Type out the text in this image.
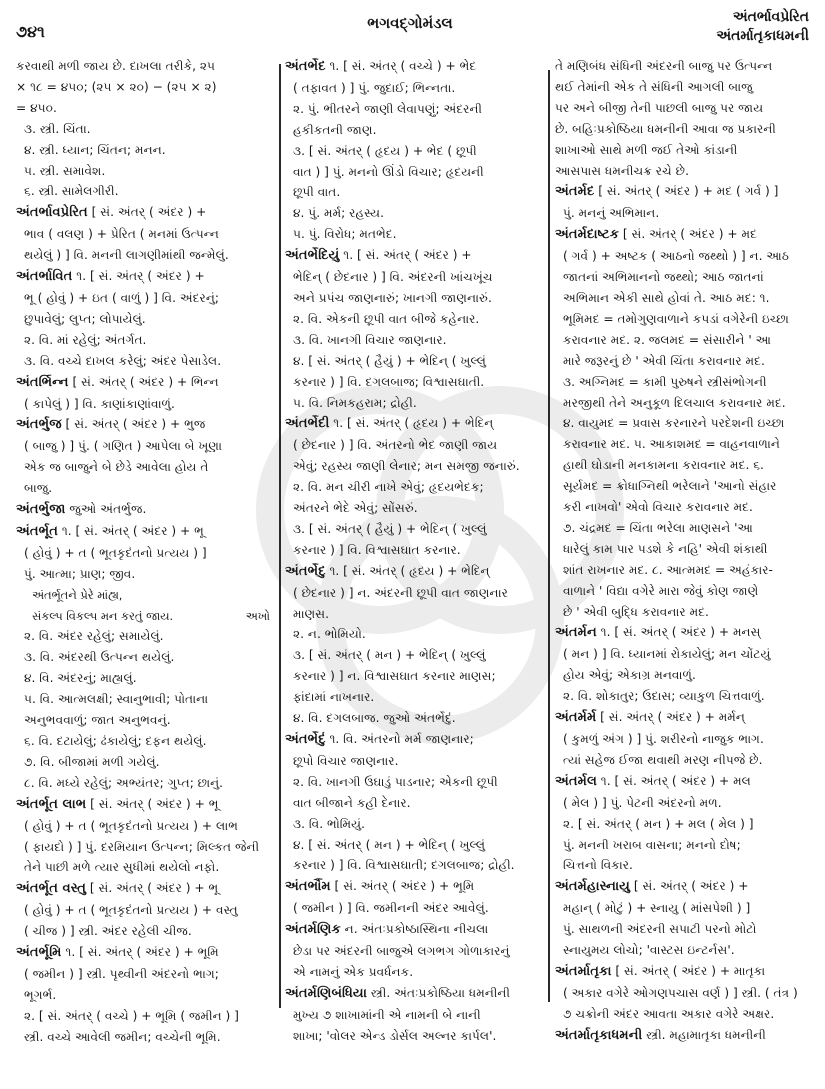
૭૪૧	ભગવદ્ગોમંડલ	અંતર્ભાવપ્રેરિત
અંતર્માતૃકાધમની
કરવાથી મળી જાય છે. દાખલા તરીકે, ૨૫
× ૧૮ = ૪૫૦; (૨૫ × ૨૦) − (૨૫ × ૨)
= ૪૫૦.
૩. સ્ત્રી. ચિંતા.
૪. સ્ત્રી. ધ્યાન; ચિંતન; મનન.
૫. સ્ત્રી. સમાવેશ.
૬. સ્ત્રી. સામેલગીરી.
અંતર્ભાવપ્રેરિત [ સં. અંતર્ ( અંદર ) +
ભાવ ( વલણ ) + પ્રેરિત ( મનમાં ઉત્પન્ન
થયેલું ) ] વિ. મનની લાગણીમાંથી જન્મેલું.
અંતર્ભાવિત ૧. [ સં. અંતર્ ( અંદર ) +
ભૂ ( હોવું ) + ઇત ( વાળું ) ] વિ. અંદરનું;
છુપાવેલું; લુપ્ત; લોપાયેલું.
૨. વિ. માં રહેલું; અંતર્ગત.
૩. વિ. વચ્ચે દાખલ કરેલું; અંદર પેસાડેલ.
અંતર્ભિન્ન [ સં. અંતર્ ( અંદર ) + ભિન્ન
( કાપેલું ) ] વિ. કાણાંકાણાંવાળું.
અંતર્ભુજ [ સં. અંતર્ ( અંદર ) + ભુજ
( બાજુ ) ] પું. ( ગણિત ) આપેલા બે ખૂણા
એક જ બાજુને બે છેડે આવેલા હોય તે
બાજુ.
અંતર્ભુજા જુઓ અંતર્ભુજ.
અંતર્ભૂત ૧. [ સં. અંતર્ ( અંદર ) + ભૂ
( હોવું ) + ત ( ભૂતકૃદંતનો પ્રત્યય ) ]
પું. આત્મા; પ્રાણ; જીવ.
અંતર્ભૂતને પ્રેરે માંહ્ય,
સંકલ્પ વિકલ્પ મન કરતું જાય.	અખો
૨. વિ. અંદર રહેલું; સમાયેલું.
૩. વિ. અંદરથી ઉત્પન્ન થયેલું.
૪. વિ. અંદરનું; માહ્યલું.
૫. વિ. આત્મલક્ષી; સ્વાનુભાવી; પોતાના
અનુભવવાળું; જાત અનુભવનું.
૬. વિ. દટાયેલું; ઢંકાયેલું; દફન થયેલું.
૭. વિ. બીજામાં મળી ગયેલું.
૮. વિ. મધ્યે રહેલું; અભ્યંતર; ગુપ્ત; છાનું.
અંતર્ભૂત લાભ [ સં. અંતર્ ( અંદર ) + ભૂ
( હોવું ) + ત ( ભૂતકૃદંતનો પ્રત્યય ) + લાભ
( ફાયદો ) ] પું. દરમિયાન ઉત્પન્ન; મિલ્કત જેની
તેને પાછી મળે ત્યાર સુધીમાં થયેલો નફો.
અંતર્ભૂત વસ્તુ [ સં. અંતર્ ( અંદર ) + ભૂ
( હોવું ) + ત ( ભૂતકૃદંતનો પ્રત્યય ) + વસ્તુ
( ચીજ ) ] સ્ત્રી. અંદર રહેલી ચીજ.
અંતર્ભૂમિ ૧. [ સં. અંતર્ ( અંદર ) + ભૂમિ
( જમીન ) ] સ્ત્રી. પૃથ્વીની અંદરનો ભાગ;
ભૂગર્ભ.
૨. [ સં. અંતર્ ( વચ્ચે ) + ભૂમિ ( જમીન ) ]
સ્ત્રી. વચ્ચે આવેલી જમીન; વચ્ચેની ભૂમિ.
અંતર્ભેદ ૧. [ સં. અંતર્ ( વચ્ચે ) + ભેદ
( તફાવત ) ] પું. જુદાઈ; ભિન્નતા.
૨. પું. ભીતરને જાણી લેવાપણું; અંદરની
હકીકતની જાણ.
૩. [ સં. અંતર્ ( હૃદય ) + ભેદ ( છૂપી
વાત ) ] પું. મનનો ઊંડો વિચાર; હૃદયની
છૂપી વાત.
૪. પું. મર્મ; રહસ્ય.
૫. પું. વિરોધ; મતભેદ.
અંતર્ભેદિયું ૧. [ સં. અંતર્ ( અંદર ) +
ભેદિન્ ( છેદનાર ) ] વિ. અંદરની ખાંચખૂંચ
અને પ્રપંચ જાણનારું; ખાનગી જાણનારું.
૨. વિ. એકની છૂપી વાત બીજે કહેનાર.
૩. વિ. ખાનગી વિચાર જાણનાર.
૪. [ સં. અંતર્ ( હૈયું ) + ભેદિન્ ( ખુલ્લું
કરનાર ) ] વિ. દગલબાજ; વિશ્વાસઘાતી.
૫. વિ. નિમકહરામ; દ્રોહી.
અંતર્ભેદી ૧. [ સં. અંતર્ ( હૃદય ) + ભેદિન્
( છેદનાર ) ] વિ. અંતરનો ભેદ જાણી જાય
એવું; રહસ્ય જાણી લેનાર; મન સમજી જનારું.
૨. વિ. મન ચીરી નાખે એવું; હૃદયભેદક;
અંતરને ભેદે એવું; સોંસરું.
૩. [ સં. અંતર્ ( હૈયું ) + ભેદિન્ ( ખુલ્લું
કરનાર ) ] વિ. વિશ્વાસઘાત કરનાર.
અંતર્ભેદુ ૧. [ સં. અંતર્ ( હૃદય ) + ભેદિન્
( છેદનાર ) ] ન. અંદરની છૂપી વાત જાણનાર
માણસ.
૨. ન. ભોમિયો.
૩. [ સં. અંતર્ ( મન ) + ભેદિન્ ( ખુલ્લું
કરનાર ) ] ન. વિશ્વાસઘાત કરનાર માણસ;
ફાંદામાં નાખનાર.
૪. વિ. દગલબાજ. જુઓ અંતર્ભેદું.
અંતર્ભેદું ૧. વિ. અંતરનો મર્મ જાણનાર;
છૂપો વિચાર જાણનાર.
૨. વિ. ખાનગી ઉઘાડું પાડનાર; એકની છૂપી
વાત બીજાને કહી દેનાર.
૩. વિ. ભોમિયું.
૪. [ સં. અંતર્ ( મન ) + ભેદિન્ ( ખુલ્લું
કરનાર ) ] વિ. વિશ્વાસઘાતી; દગલબાજ; દ્રોહી.
અંતર્ભૌમ [ સં. અંતર્ ( અંદર ) + ભૂમિ
( જમીન ) ] વિ. જમીનની અંદર આવેલું.
અંતર્મણિક ન. અંતઃપ્રકોષ્ઠાસ્થિના નીચલા
છેડા પર અંદરની બાજુએ લગભગ ગોળાકારનું
એ નામનું એક પ્રવર્ધનક.
અંતર્મણિબંધિયા સ્ત્રી. અંતઃપ્રકોષ્ઠિયા ધમનીની
મુખ્ય ૭ શાખામાંની એ નામની બે નાની
શાખા; 'વોલર એન્ડ ડોર્સલ અલ્નર કાર્પલ'.
તે મણિબંધ સંધિની અંદરની બાજુ પર ઉત્પન્ન
થઈ તેમાંની એક તે સંધિની આગલી બાજુ
પર અને બીજી તેની પાછલી બાજુ પર જાય
છે. બહિઃપ્રકોષ્ઠિયા ધમનીની આવા જ પ્રકારની
શાખાઓ સાથે મળી જઈ તેઓ કાંડાની
આસપાસ ધમનીચક્ર રચે છે.
અંતર્મદ [ સં. અંતર્ ( અંદર ) + મદ ( ગર્વ ) ]
પું. મનનું અભિમાન.
અંતર્મદાષ્ટક [ સં. અંતર્ ( અંદર ) + મદ
( ગર્વ ) + અષ્ટક ( આઠનો જથ્થો ) ] ન. આઠ
જાતનાં અભિમાનનો જથ્થો; આઠ જાતનાં
અભિમાન એકી સાથે હોવાં તે. આઠ મદ: ૧.
ભૂમિમદ = તમોગુણવાળાને કપડાં વગેરેની ઇચ્છા
કરાવનાર મદ. ૨. જલમદ = સંસારીને ' આ
મારે જરૂરનું છે ' એવી ચિંતા કરાવનાર મદ.
૩. અગ્નિમદ = કામી પુરુષને સ્ત્રીસંભોગની
મરજીથી તેને અનુકૂળ દિલચાલ કરાવનાર મદ.
૪. વાયુમદ = પ્રવાસ કરનારને પરદેશની ઇચ્છા
કરાવનાર મદ. ૫. આકાશમદ = વાહનવાળાને
હાથી ઘોડાની મનકામના કરાવનાર મદ. ૬.
સૂર્યમદ = ક્રોધાગ્નિથી ભરેલાને 'આનો સંહાર
કરી નાખવો' એવો વિચાર કરાવનાર મદ.
૭. ચંદ્રમદ = ચિંતા ભરેલા માણસને 'આ
ધારેલું કામ પાર પડશે કે નહિ' એવી શંકાથી
શાંત રાખનાર મદ. ૮. આત્મમદ = અહંકાર-
વાળાને ' વિદ્યા વગેરે મારા જેવું કોણ જાણે
છે ' એવી બુદ્ધિ કરાવનાર મદ.
અંતર્મન ૧. [ સં. અંતર્ ( અંદર ) + મનસ્
( મન ) ] વિ. ધ્યાનમાં રોકાયેલું; મન ચોંટયું
હોય એવું; એકાગ્ર મનવાળું.
૨. વિ. શોકાતુર; ઉદાસ; વ્યાકુળ ચિત્તવાળું.
અંતર્મર્મ [ સં. અંતર્ ( અંદર ) + મર્મન્
( કુમળું અંગ ) ] પું. શરીરનો નાજુક ભાગ.
ત્યાં સહેજ ઈજા થવાથી મરણ નીપજે છે.
અંતર્મલ ૧. [ સં. અંતર્ ( અંદર ) + મલ
( મેલ ) ] પું. પેટની અંદરનો મળ.
૨. [ સં. અંતર્ ( મન ) + મલ ( મેલ ) ]
પું. મનની ખરાબ વાસના; મનનો દોષ;
ચિત્તનો વિકાર.
અંતર્મહાસ્નાયુ [ સં. અંતર્ ( અંદર ) +
મહાન્ ( મોટું ) + સ્નાયુ ( માંસપેશી ) ]
પું. સાથળની અંદરની સપાટી પરનો મોટો
સ્નાયુમય લોચો; 'વાસ્ટસ ઇન્ટર્નસ'.
અંતર્માતૃકા [ સં. અંતર્ ( અંદર ) + માતૃકા
( અકાર વગેરે ઓગણપચાસ વર્ણ ) ] સ્ત્રી. ( તંત્ર )
૭ ચક્રોની અંદર આવતા અકાર વગેરે અક્ષર.
અંતર્માતૃકાધમની સ્ત્રી. મહામાતૃકા ધમનીની
